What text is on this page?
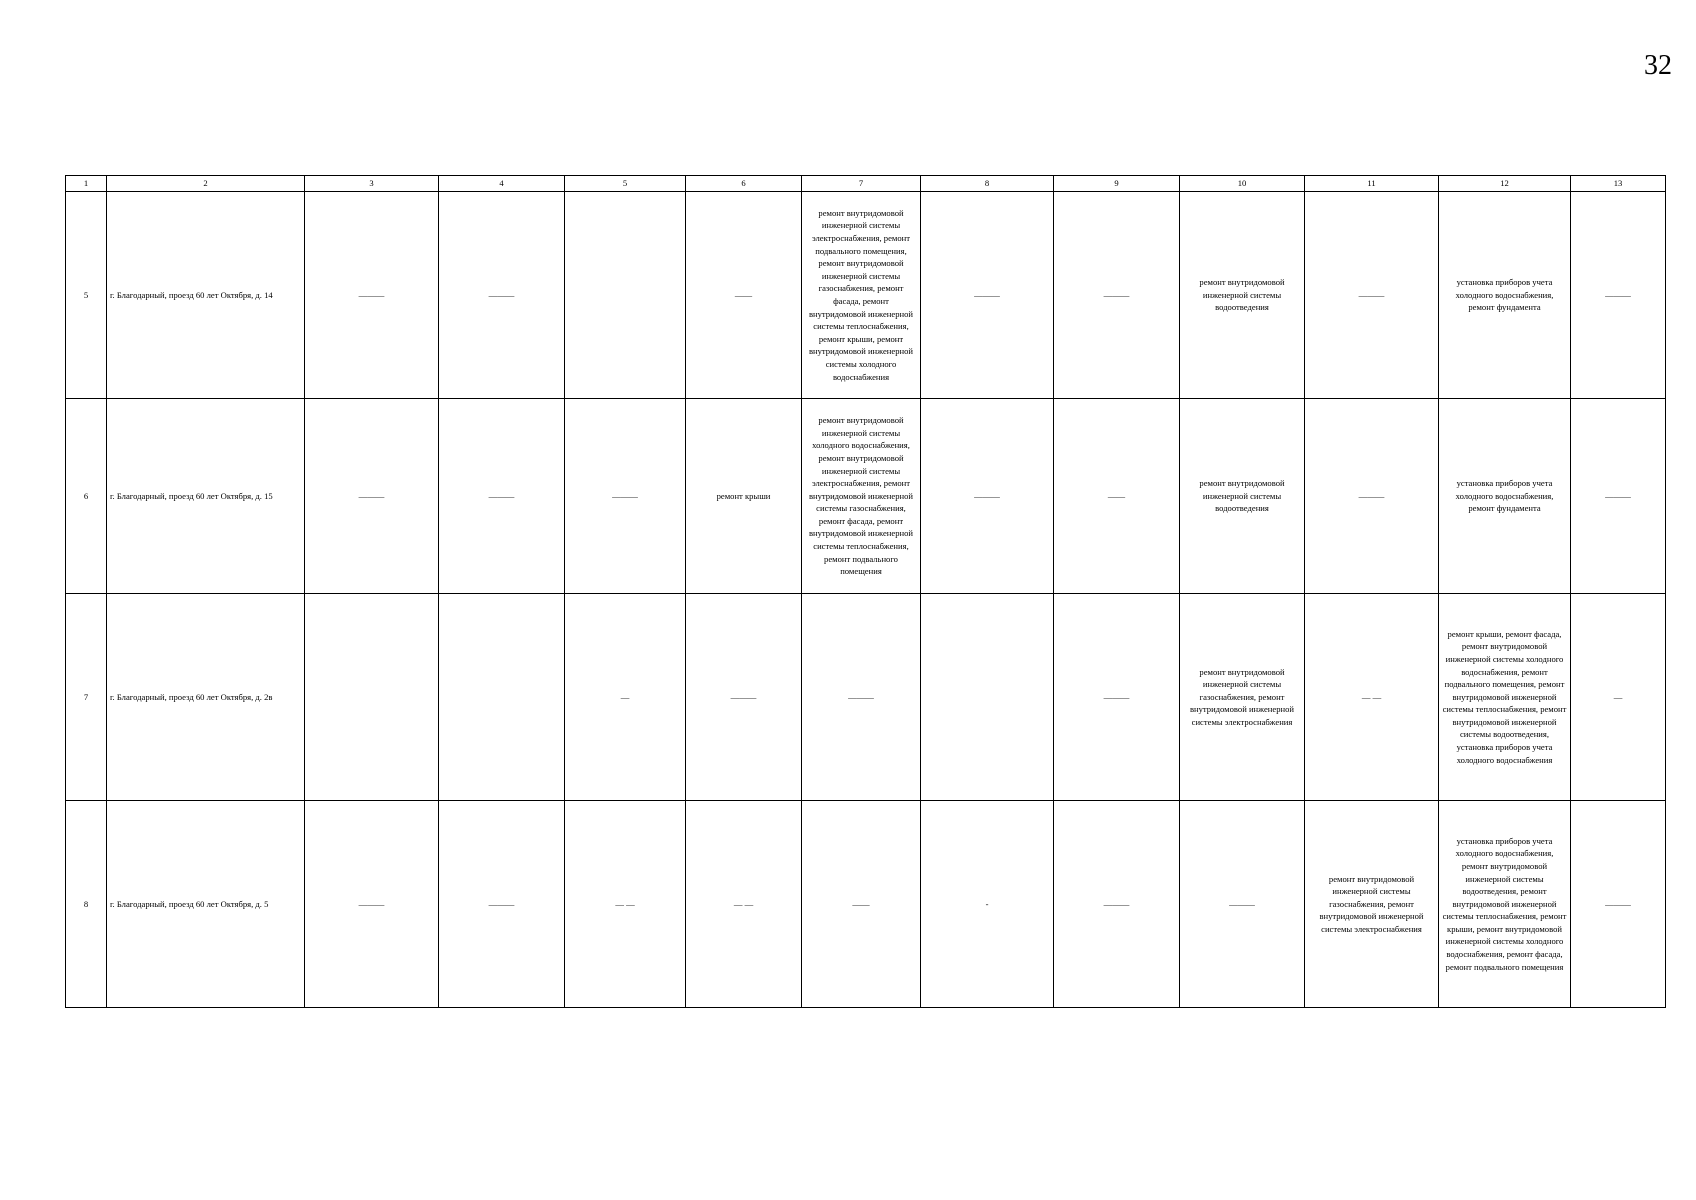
32
1	2	3	4	5	6	7	8	9	10	11	12	13
5	г. Благодарный, проезд 60 лет Октября, д. 14	———	———		——	ремонт внутридомовой инженерной системы электроснабжения, ремонт подвального помещения, ремонт внутридомовой инженерной системы газоснабжения, ремонт фасада, ремонт внутридомовой инженерной системы теплоснабжения, ремонт крыши, ремонт внутридомовой инженерной системы холодного водоснабжения	———	———	ремонт внутридомовой инженерной системы водоотведения	———	установка приборов учета холодного водоснабжения, ремонт фундамента	———
6	г. Благодарный, проезд 60 лет Октября, д. 15	———	———	———	ремонт крыши	ремонт внутридомовой инженерной системы холодного водоснабжения, ремонт внутридомовой инженерной системы электроснабжения, ремонт внутридомовой инженерной системы газоснабжения, ремонт фасада, ремонт внутридомовой инженерной системы теплоснабжения, ремонт подвального помещения	———	——	ремонт внутридомовой инженерной системы водоотведения	———	установка приборов учета холодного водоснабжения, ремонт фундамента	———
7	г. Благодарный, проезд 60 лет Октября, д. 2в			—	———	———		———	ремонт внутридомовой инженерной системы газоснабжения, ремонт внутридомовой инженерной системы электроснабжения	— —	ремонт крыши, ремонт фасада, ремонт внутридомовой инженерной системы холодного водоснабжения, ремонт подвального помещения, ремонт внутридомовой инженерной системы теплоснабжения, ремонт внутридомовой инженерной системы водоотведения, установка приборов учета холодного водоснабжения	—
8	г. Благодарный, проезд 60 лет Октября, д. 5	———	———	— —	— —	——	-	———	———	ремонт внутридомовой инженерной системы газоснабжения, ремонт внутридомовой инженерной системы электроснабжения	установка приборов учета холодного водоснабжения, ремонт внутридомовой инженерной системы водоотведения, ремонт внутридомовой инженерной системы теплоснабжения, ремонт крыши, ремонт внутридомовой инженерной системы холодного водоснабжения, ремонт фасада, ремонт подвального помещения	———
